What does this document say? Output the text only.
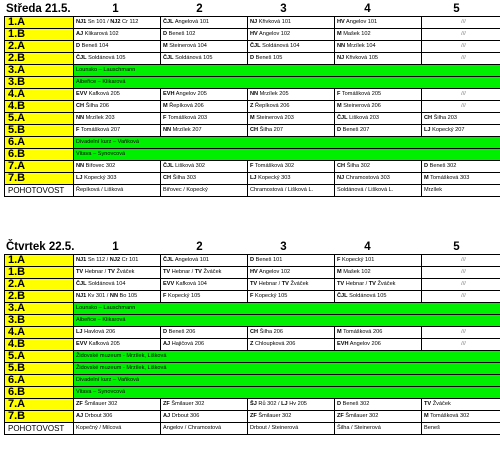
Středa 21.5.	1	2	3	4	5
1.A	NJ1 Sn 101 / NJ2 Cr 112	ČJL Angelová 101	NJ Křivková 101	HV Angelov 101	///
1.B	AJ Klikarová 102	D Beneš 102	HV Angelov 102	M Mašek 102	///
2.A	D Beneš 104	M Steinerová 104	ČJL Soldánová 104	NN Mrzílek 104	///
2.B	ČJL Soldánová 105	ČJL Soldánová 105	D Beneš 105	NJ Křivková 105	///
3.A	Lounsko – Lauschmann				
3.B	Albeřice – Klikarová				
4.A	EVV Kafková 205	EVH Angelov 205	NN Mrzílek 205	F Tomášková 205	///
4.B	CH Šilha 206	M Řepíková 206	Z Řepíková 206	M Steinerová 206	///
5.A	NN Mrzílek 203	F Tomášková 203	M Steinerová 203	ČJL Lišková 203	CH Šilha 203
5.B	F Tomášková 207	NN Mrzílek 207	CH Šilha 207	D Beneš 207	LJ Kopecký 207
6.A	Divadelní kurz – Vaňková				
6.B	Vltava – Synovcová				
7.A	NN Biřovec 302	ČJL Lišková 302	F Tomášková 302	CH Šilha 302	D Beneš 302
7.B	LJ Kopecký 303	CH Šilha 303	LJ Kopecký 303	NJ Chramostová 303	M Tomášková 303
POHOTOVOST	Řepíková / Lišková	Biřovec / Kopecký	Chramostová / Lišková L.	Soldánová / Lišková L.	Mrzílek
Čtvrtek 22.5.	1	2	3	4	5
1.A	NJ1 Sn 112 / NJ2 Cr 101	ČJL Angelová 101	D Beneš 101	F Kopecký 101	///
1.B	TV Hebnar / TV Žváček	TV Hebnar / TV Žváček	HV Angelov 102	M Mašek 102	///
2.A	ČJL Soldánová 104	EVV Kafková 104	TV Hebnar / TV Žváček	TV Hebnar / TV Žváček	///
2.B	NJ1 Kv 301 / NN Bo 105	F Kopecký 105	F Kopecký 105	ČJL Soldánová 105	///
3.A	Lounsko – Lauschmann				
3.B	Albeřice – Klikarová				
4.A	LJ Havlová 206	D Beneš 206	CH Šilha 206	M Tomášková 206	///
4.B	EVV Kafková 205	AJ Hajičová 206	Z Chloupková 206	EVH Angelov 206	///
5.A	Židovské muzeum - Mrzílek, Lišková				
5.B	Židovské muzeum - Mrzílek, Lišková				
6.A	Divadelní kurz – Vaňková				
6.B	Vltava – Synovcová				
7.A	ZF Šmilauer 302	ZF Šmilauer 302	ŠJ Rů 302 / LJ Hv 205	D Beneš 302	TV Žváček
7.B	AJ Drbout 306	AJ Drbout 306	ZF Šmilauer 302	ZF Šmilauer 302	M Tomášková 302
POHOTOVOST	Kopečný / Milcová	Angelov / Chramostová	Drbout / Steinerová	Šilha / Steinerová	Beneš
